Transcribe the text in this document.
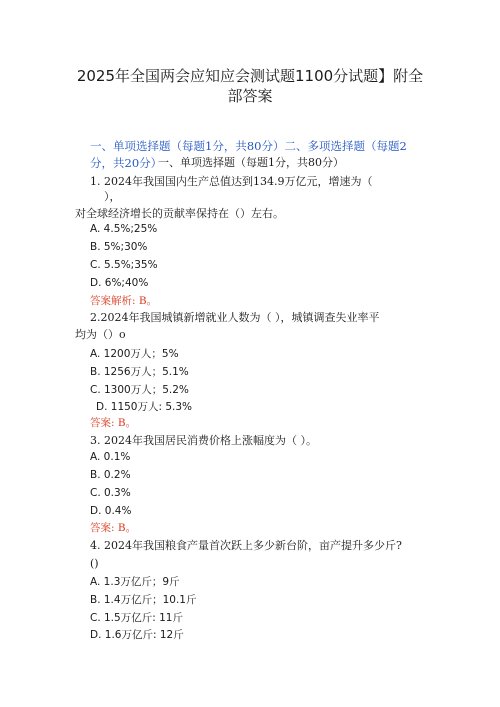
2025年全国两会应知应会测试题1100分试题】附全
部答案
一、单项选择题（每题1分，共80分）二、多项选择题（每题2
分，共20分）
一、单项选择题（每题1分，共80分）
1. 2024年我国国内生产总值达到134.9万亿元，增速为（
），
对全球经济增长的贡献率保持在（）左右。
A. 4.5%;25%
B. 5%;30%
C. 5.5%;35%
D. 6%;40%
答案解析: B。
2.2024年我国城镇新增就业人数为（ ），城镇调查失业率平
均为（）o
A. 1200万人；5%
B. 1256万人；5.1%
C. 1300万人；5.2%
D. 1150万人: 5.3%
答案: B。
3. 2024年我国居民消费价格上涨幅度为（ ）。
A. 0.1%
B. 0.2%
C. 0.3%
D. 0.4%
答案: B。
4. 2024年我国粮食产量首次跃上多少新台阶，亩产提升多少斤?
()
A. 1.3万亿斤；9斤
B. 1.4万亿斤；10.1斤
C. 1.5万亿斤: 11斤
D. 1.6万亿斤: 12斤
